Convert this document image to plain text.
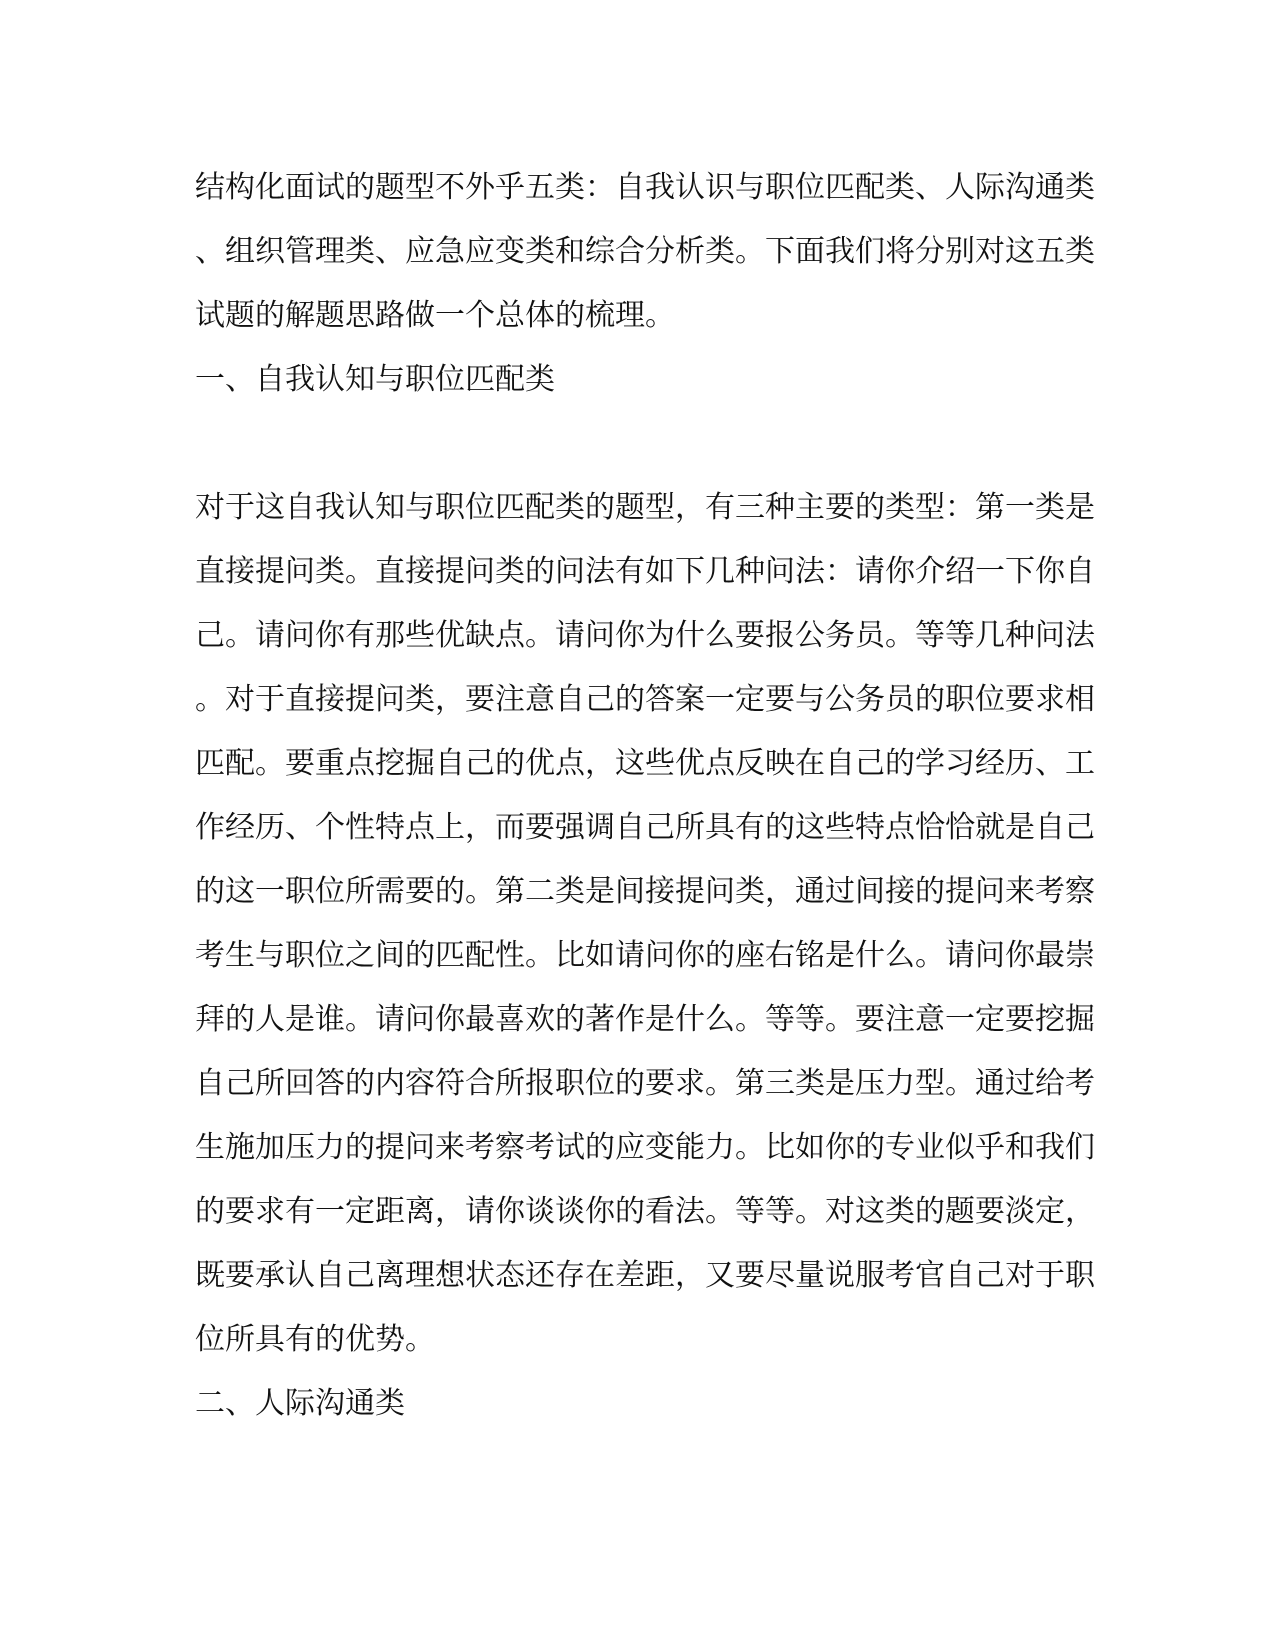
结构化面试的题型不外乎五类：自我认识与职位匹配类、人际沟通类
、组织管理类、应急应变类和综合分析类。下面我们将分别对这五类
试题的解题思路做一个总体的梳理。
一、自我认知与职位匹配类
对于这自我认知与职位匹配类的题型，有三种主要的类型：第一类是
直接提问类。直接提问类的问法有如下几种问法：请你介绍一下你自
己。请问你有那些优缺点。请问你为什么要报公务员。等等几种问法
。对于直接提问类，要注意自己的答案一定要与公务员的职位要求相
匹配。要重点挖掘自己的优点，这些优点反映在自己的学习经历、工
作经历、个性特点上，而要强调自己所具有的这些特点恰恰就是自己
的这一职位所需要的。第二类是间接提问类，通过间接的提问来考察
考生与职位之间的匹配性。比如请问你的座右铭是什么。请问你最崇
拜的人是谁。请问你最喜欢的著作是什么。等等。要注意一定要挖掘
自己所回答的内容符合所报职位的要求。第三类是压力型。通过给考
生施加压力的提问来考察考试的应变能力。比如你的专业似乎和我们
的要求有一定距离，请你谈谈你的看法。等等。对这类的题要淡定，
既要承认自己离理想状态还存在差距，又要尽量说服考官自己对于职
位所具有的优势。
二、人际沟通类
